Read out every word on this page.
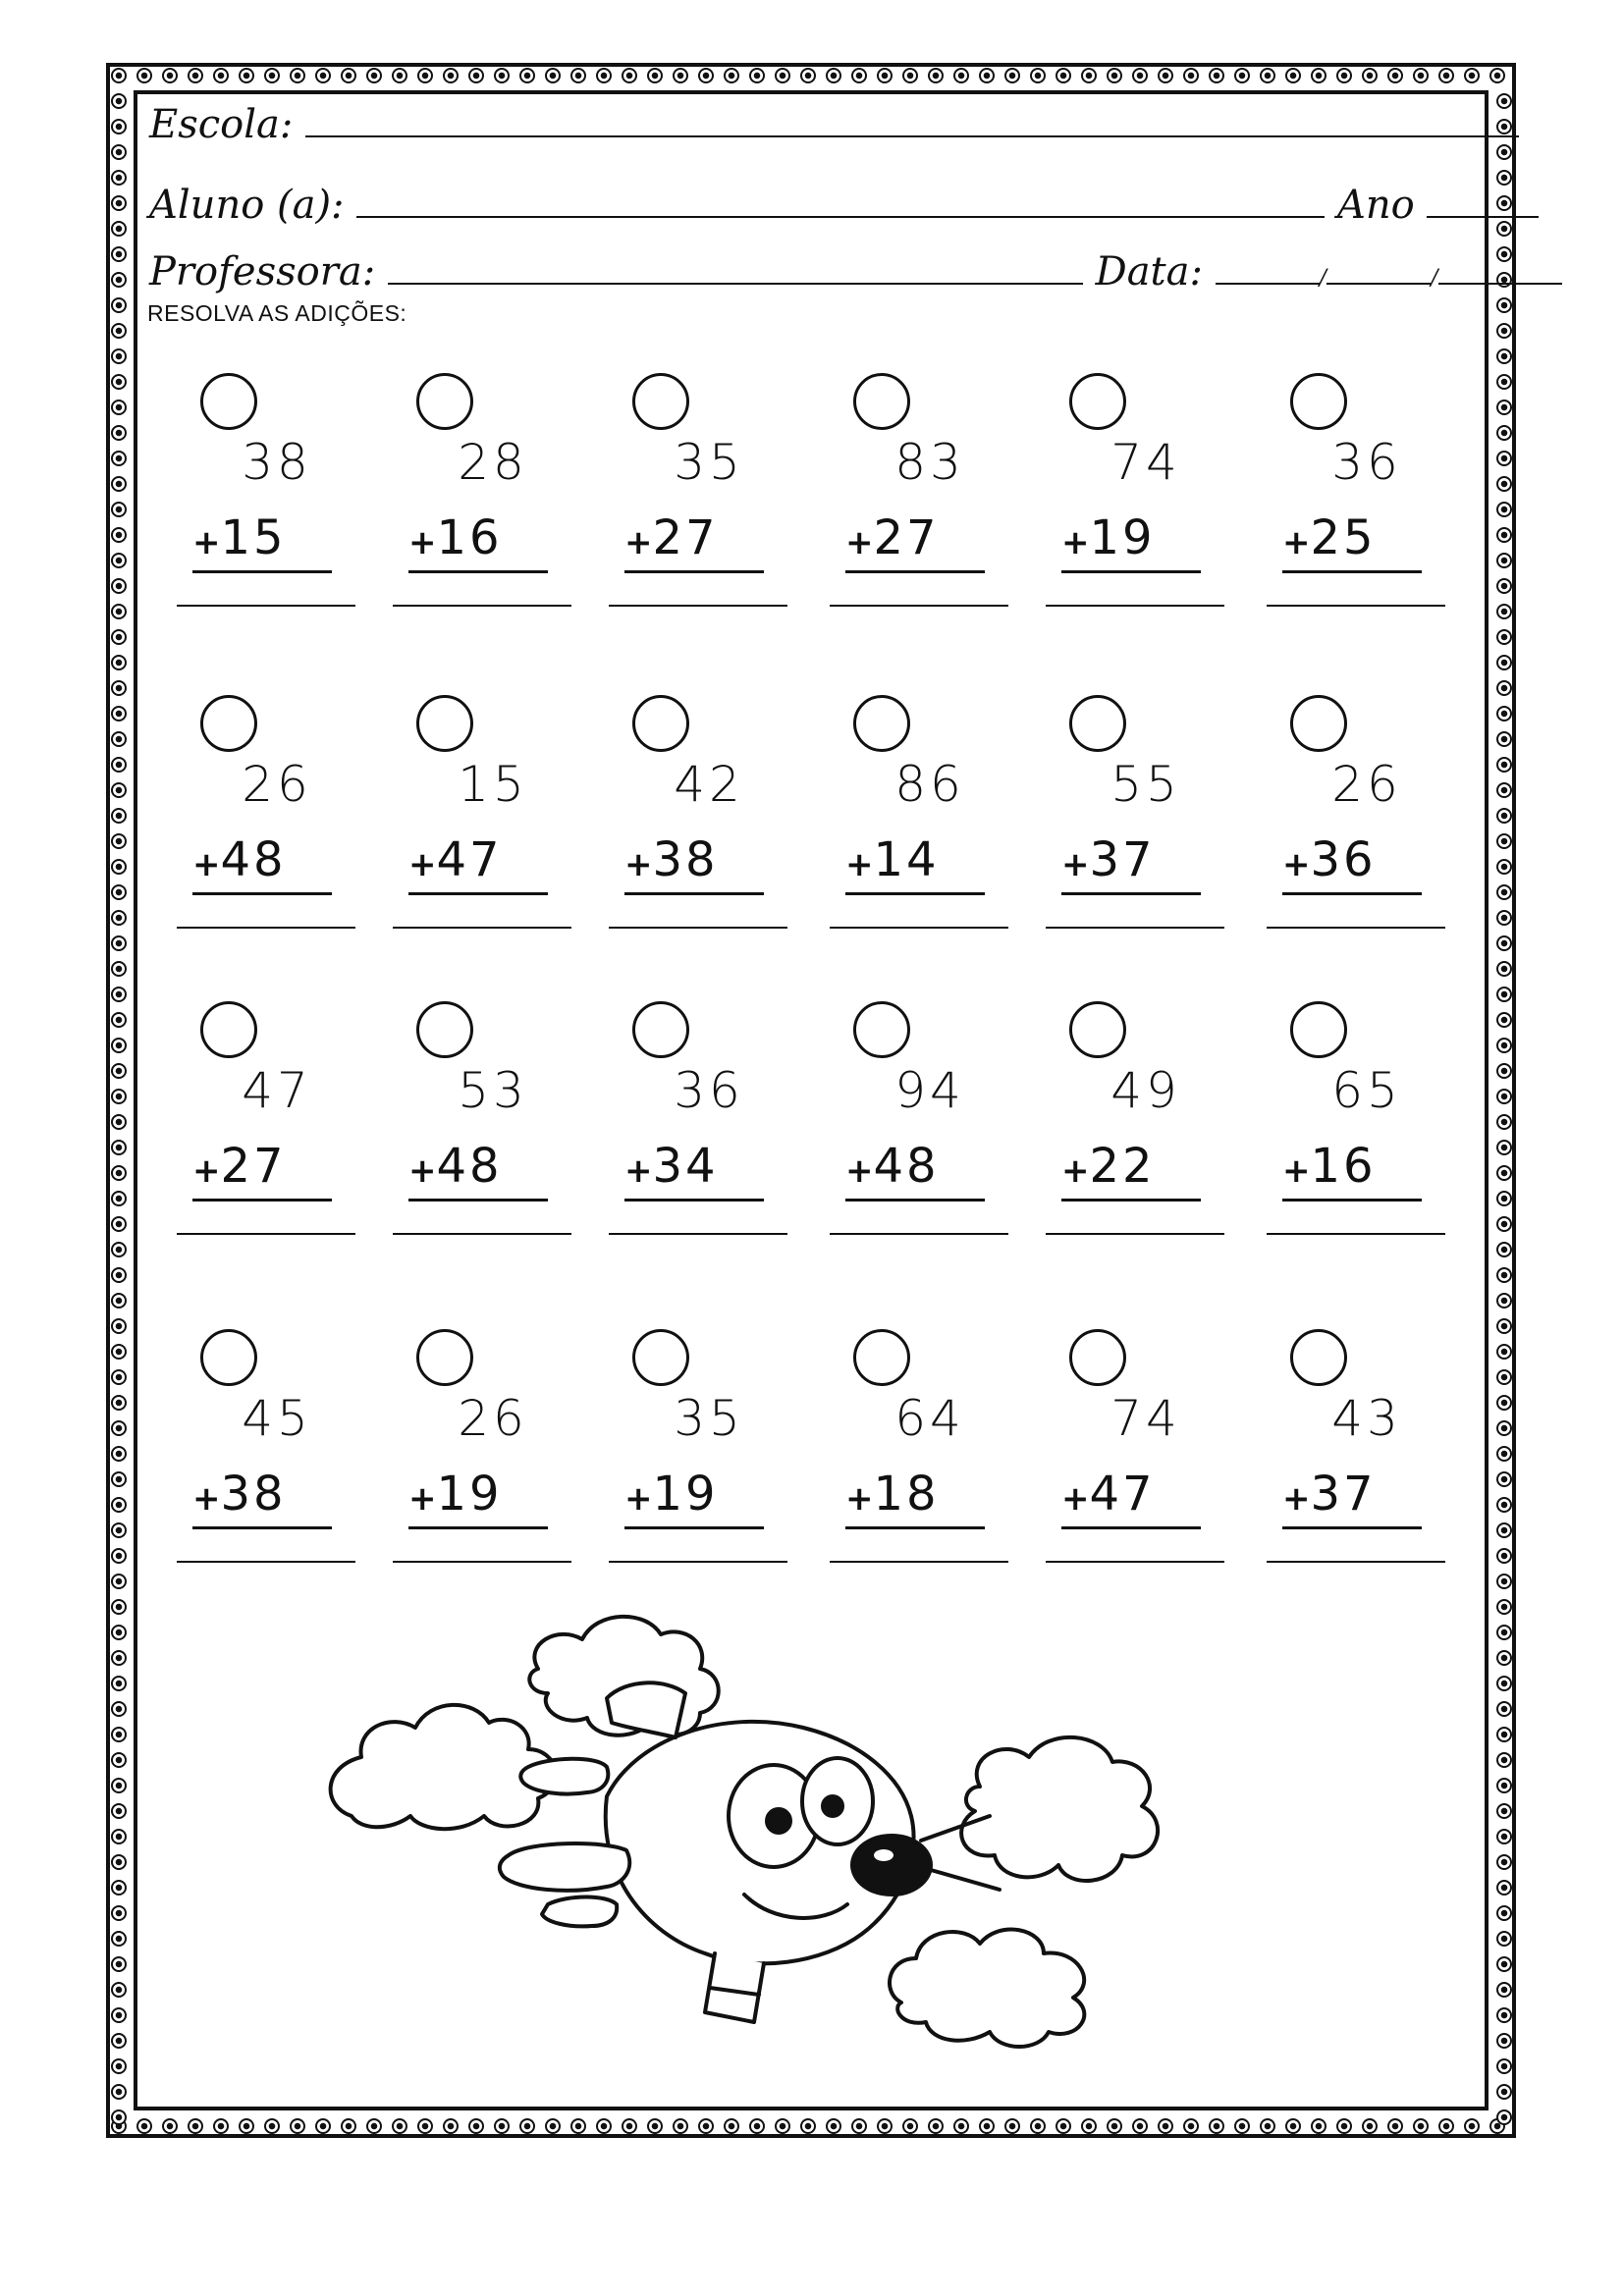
Escola:
Aluno (a):	Ano
Professora:	Data:	/	/
RESOLVA AS ADIÇÕES:
38
+15
28
+16
35
+27
83
+27
74
+19
36
+25
26
+48
15
+47
42
+38
86
+14
55
+37
26
+36
47
+27
53
+48
36
+34
94
+48
49
+22
65
+16
45
+38
26
+19
35
+19
64
+18
74
+47
43
+37
